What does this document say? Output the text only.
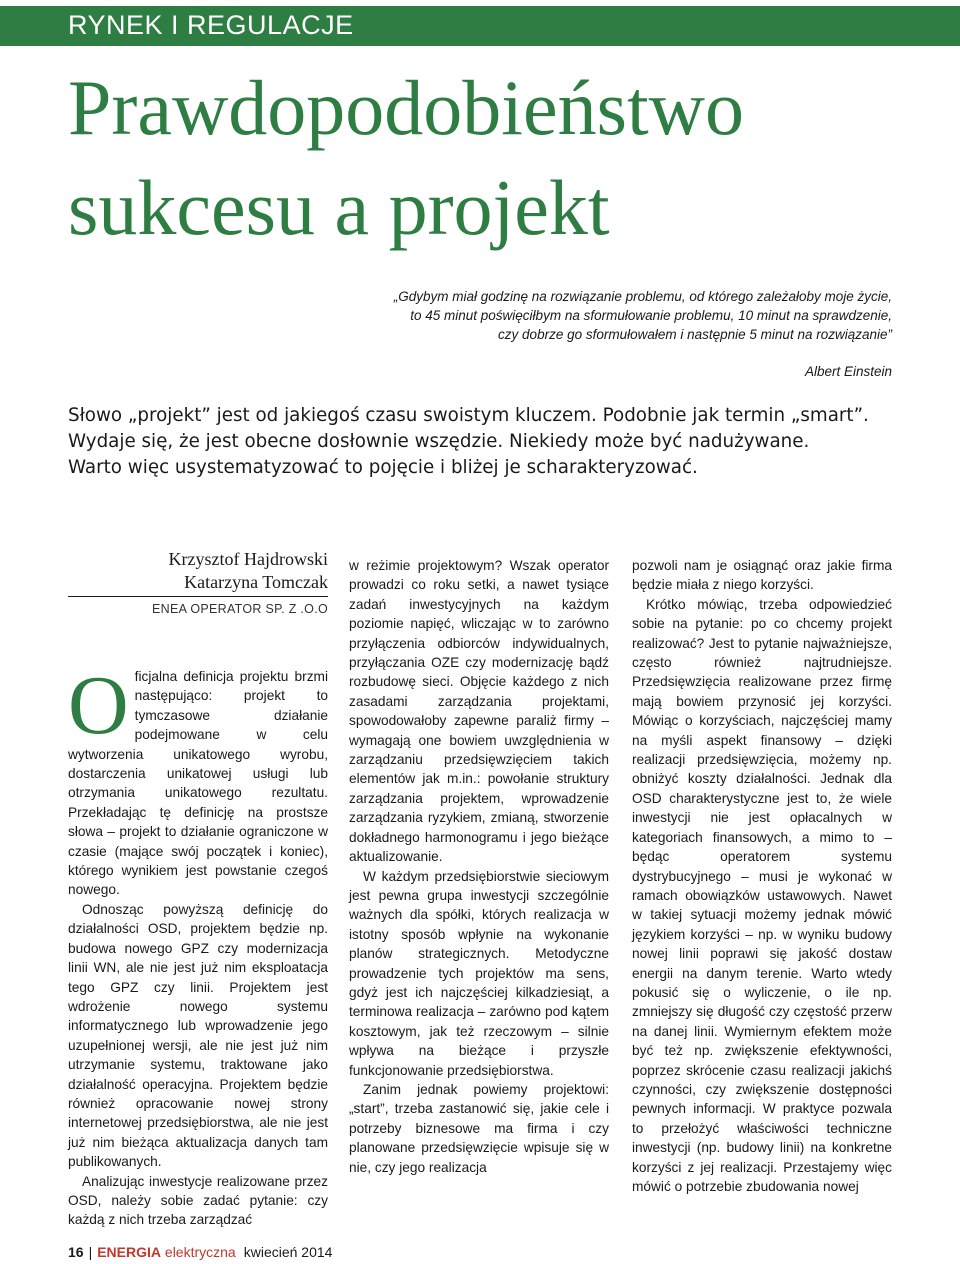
RYNEK I REGULACJE
Prawdopodobieństwo
sukcesu a projekt

„Gdybym miał godzinę na rozwiązanie problemu, od którego zależałoby moje życie,

to 45 minut poświęciłbym na sformułowanie problemu, 10 minut na sprawdzenie,

czy dobrze go sformułowałem i następnie 5 minut na rozwiązanie”

Albert Einstein

Słowo „projekt” jest od jakiegoś czasu swoistym kluczem. Podobnie jak termin „smart”.
Wydaje się, że jest obecne dosłownie wszędzie. Niekiedy może być nadużywane.
Warto więc usystematyzować to pojęcie i bliżej je scharakteryzować.
Krzysztof Hajdrowski
Katarzyna Tomczak
ENEA OPERATOR SP. Z .O.O

Oficjalna definicja projektu brzmi następująco: projekt to tymczasowe działanie podejmowane w celu wytworzenia unikatowego wyrobu, dostarczenia unikatowej usługi lub otrzymania unikatowego rezultatu. Przekładając tę definicję na prostsze słowa – projekt to działanie ograniczone w czasie (mające swój początek i koniec), którego wynikiem jest powstanie czegoś nowego.

Odnosząc powyższą definicję do działalności OSD, projektem będzie np. budowa nowego GPZ czy modernizacja linii WN, ale nie jest już nim eksploatacja tego GPZ czy linii. Projektem jest wdrożenie nowego systemu informatycznego lub wprowadzenie jego uzupełnionej wersji, ale nie jest już nim utrzymanie systemu, traktowane jako działalność operacyjna. Projektem będzie również opracowanie nowej strony internetowej przedsiębiorstwa, ale nie jest już nim bieżąca aktualizacja danych tam publikowanych.

Analizując inwestycje realizowane przez OSD, należy sobie zadać pytanie: czy każdą z nich trzeba zarządzać

w reżimie projektowym? Wszak operator prowadzi co roku setki, a nawet tysiące zadań inwestycyjnych na każdym poziomie napięć, wliczając w to zarówno przyłączenia odbiorców indywidualnych, przyłączania OZE czy modernizację bądź rozbudowę sieci. Objęcie każdego z nich zasadami zarządzania projektami, spowodowałoby zapewne paraliż firmy – wymagają one bowiem uwzględnienia w zarządzaniu przedsięwzięciem takich elementów jak m.in.: powołanie struktury zarządzania projektem, wprowadzenie zarządzania ryzykiem, zmianą, stworzenie dokładnego harmonogramu i jego bieżące aktualizowanie.

W każdym przedsiębiorstwie sieciowym jest pewna grupa inwestycji szczególnie ważnych dla spółki, których realizacja w istotny sposób wpłynie na wykonanie planów strategicznych. Metodyczne prowadzenie tych projektów ma sens, gdyż jest ich najczęściej kilkadziesiąt, a terminowa realizacja – zarówno pod kątem kosztowym, jak też rzeczowym – silnie wpływa na bieżące i przyszłe funkcjonowanie przedsiębiorstwa.

Zanim jednak powiemy projektowi: „start”, trzeba zastanowić się, jakie cele i potrzeby biznesowe ma firma i czy planowane przedsięwzięcie wpisuje się w nie, czy jego realizacja

pozwoli nam je osiągnąć oraz jakie firma będzie miała z niego korzyści.

Krótko mówiąc, trzeba odpowiedzieć sobie na pytanie: po co chcemy projekt realizować? Jest to pytanie najważniejsze, często również najtrudniejsze. Przedsięwzięcia realizowane przez firmę mają bowiem przynosić jej korzyści. Mówiąc o korzyściach, najczęściej mamy na myśli aspekt finansowy – dzięki realizacji przedsięwzięcia, możemy np. obniżyć koszty działalności. Jednak dla OSD charakterystyczne jest to, że wiele inwestycji nie jest opłacalnych w kategoriach finansowych, a mimo to – będąc operatorem systemu dystrybucyjnego – musi je wykonać w ramach obowiązków ustawowych. Nawet w takiej sytuacji możemy jednak mówić językiem korzyści – np. w wyniku budowy nowej linii poprawi się jakość dostaw energii na danym terenie. Warto wtedy pokusić się o wyliczenie, o ile np. zmniejszy się długość czy częstość przerw na danej linii. Wymiernym efektem może być też np. zwiększenie efektywności, poprzez skrócenie czasu realizacji jakichś czynności, czy zwiększenie dostępności pewnych informacji. W praktyce pozwala to przełożyć właściwości techniczne inwestycji (np. budowy linii) na konkretne korzyści z jej realizacji. Przestajemy więc mówić o potrzebie zbudowania nowej

16 | ENERGIA elektryczna kwiecień 2014
